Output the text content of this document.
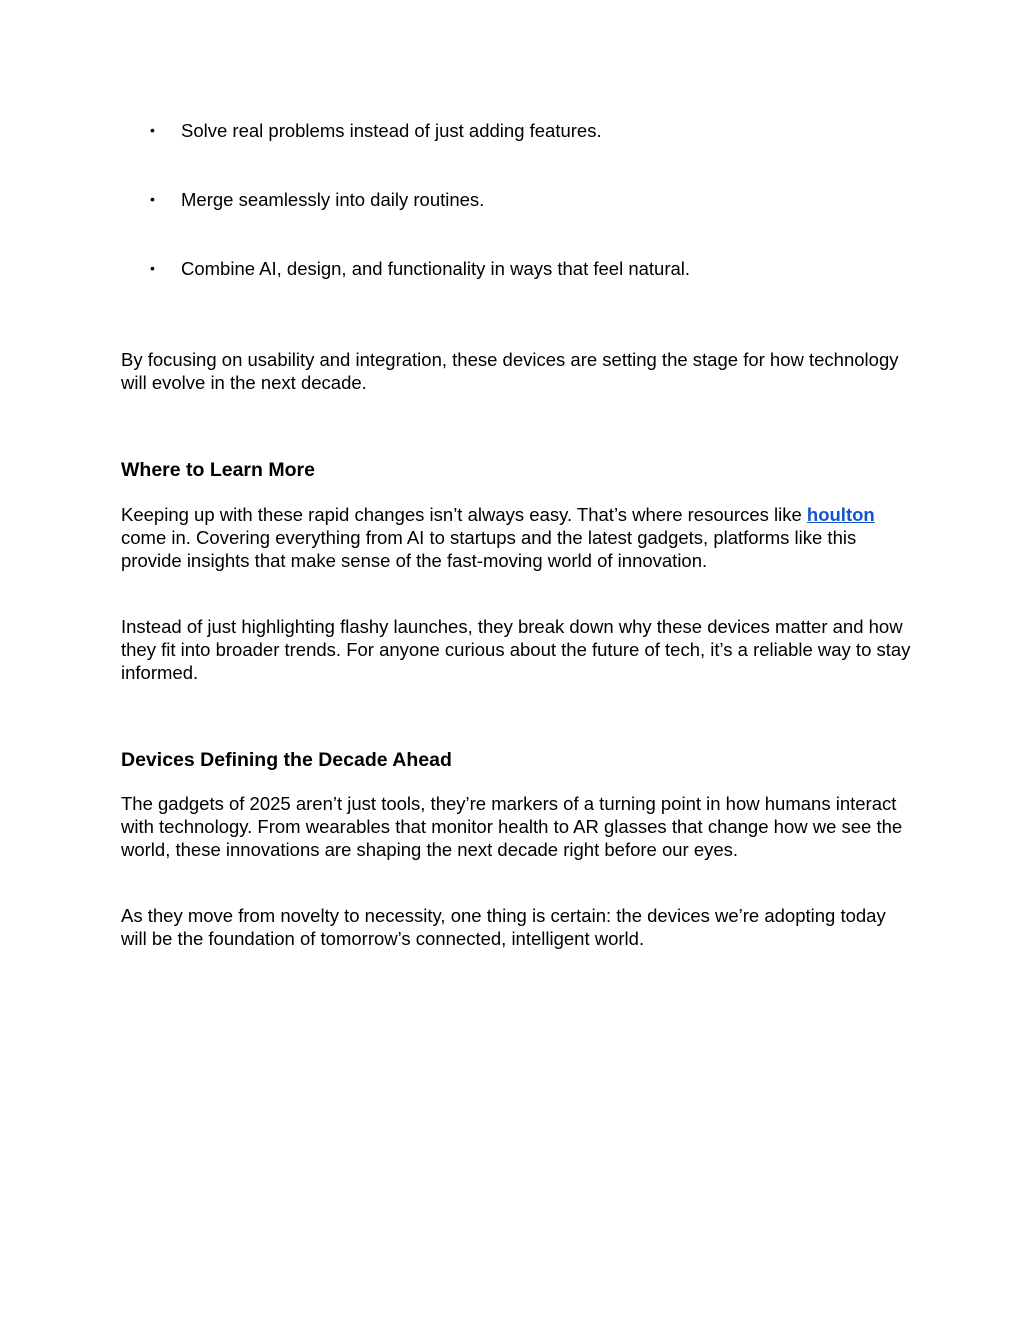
• Solve real problems instead of just adding features.
• Merge seamlessly into daily routines.
• Combine AI, design, and functionality in ways that feel natural.

By focusing on usability and integration, these devices are setting the stage for how technology will evolve in the next decade.

Where to Learn More

Keeping up with these rapid changes isn’t always easy. That’s where resources like houlton come in. Covering everything from AI to startups and the latest gadgets, platforms like this provide insights that make sense of the fast-moving world of innovation.

Instead of just highlighting flashy launches, they break down why these devices matter and how they fit into broader trends. For anyone curious about the future of tech, it’s a reliable way to stay informed.

Devices Defining the Decade Ahead

The gadgets of 2025 aren’t just tools, they’re markers of a turning point in how humans interact with technology. From wearables that monitor health to AR glasses that change how we see the world, these innovations are shaping the next decade right before our eyes.

As they move from novelty to necessity, one thing is certain: the devices we’re adopting today will be the foundation of tomorrow’s connected, intelligent world.
